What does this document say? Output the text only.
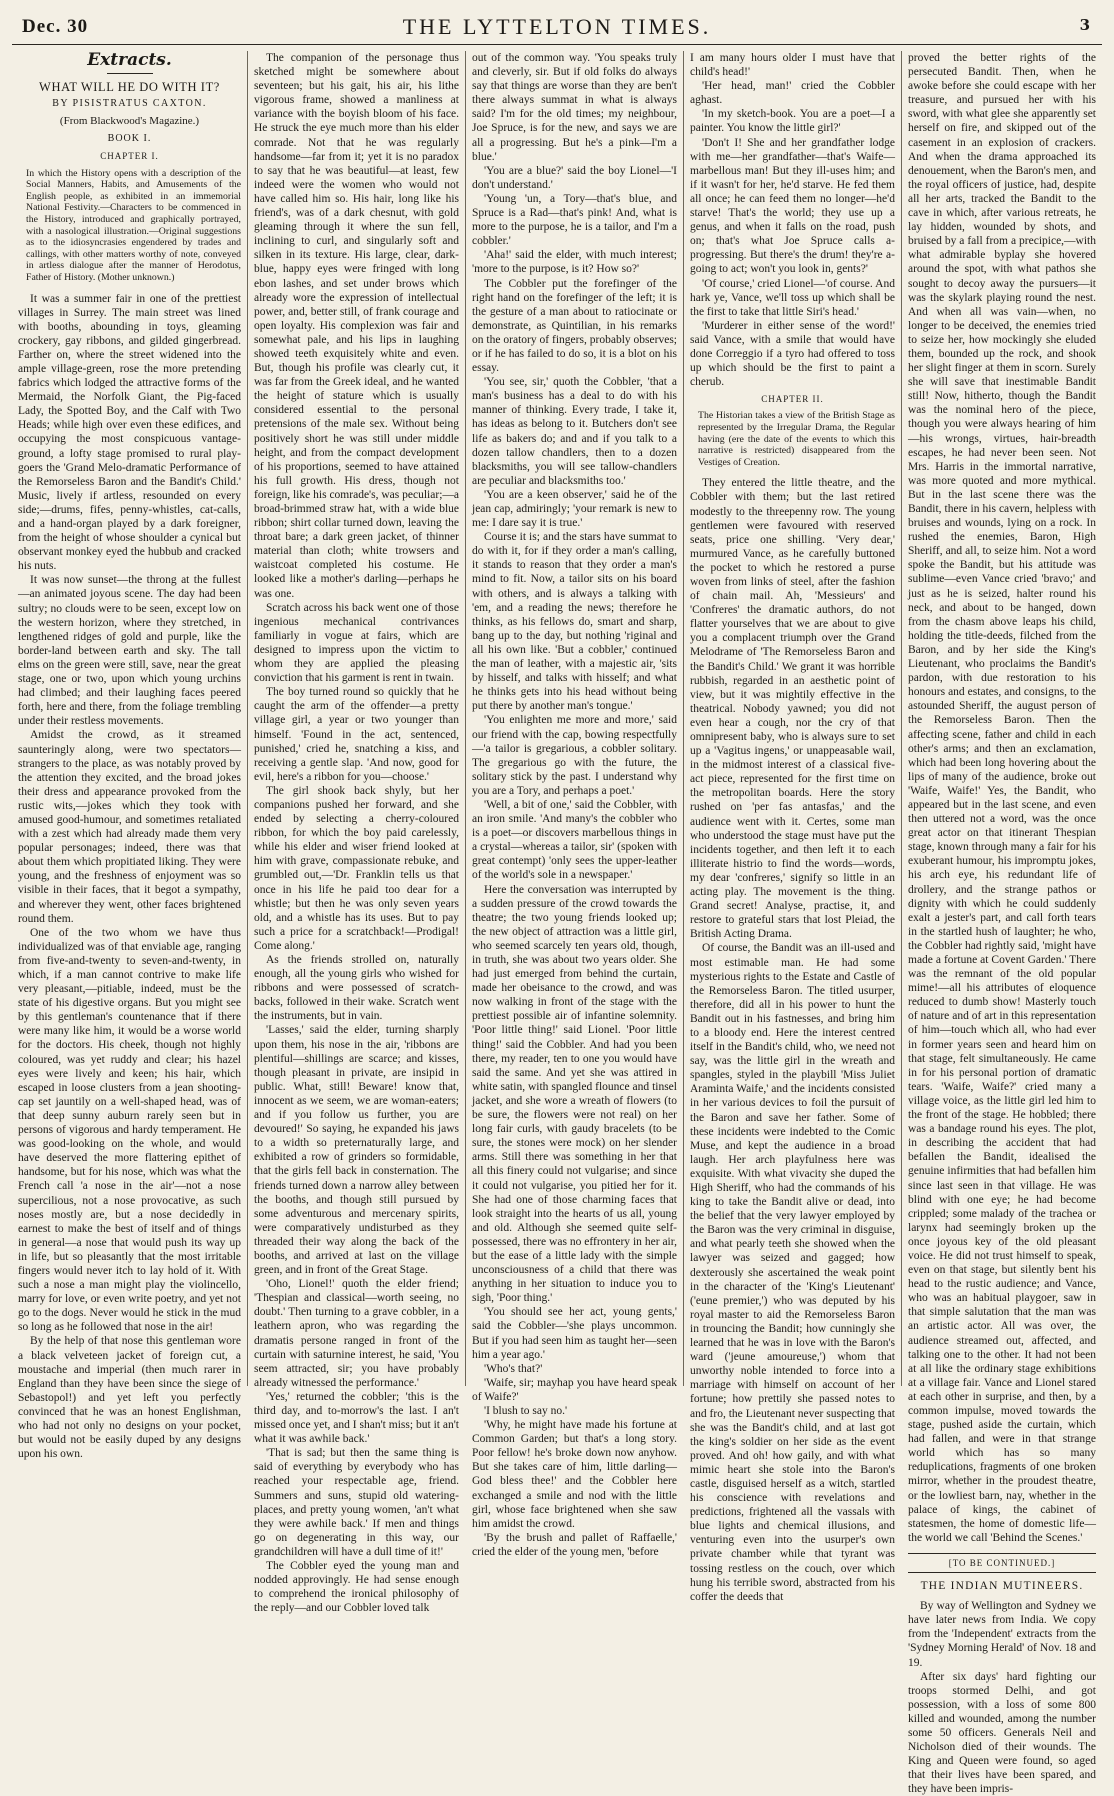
Dec. 30	THE LYTTELTON TIMES.	3
Extracts.
WHAT WILL HE DO WITH IT?
BY PISISTRATUS CAXTON.
(From Blackwood's Magazine.)
BOOK I.
CHAPTER I.

In which the History opens with a description of the Social Manners, Habits, and Amusements of the English people, as exhibited in an immemorial National Festivity.—Characters to be commenced in the History, introduced and graphically portrayed, with a nasological illustration.—Original suggestions as to the idiosyncrasies engendered by trades and callings, with other matters worthy of note, conveyed in artless dialogue after the manner of Herodotus, Father of History. (Mother unknown.)

It was a summer fair in one of the prettiest villages in Surrey. The main street was lined with booths, abounding in toys, gleaming crockery, gay ribbons, and gilded gingerbread. Farther on, where the street widened into the ample village-green, rose the more pretending fabrics which lodged the attractive forms of the Mermaid, the Norfolk Giant, the Pig-faced Lady, the Spotted Boy, and the Calf with Two Heads; while high over even these edifices, and occupying the most conspicuous vantage-ground, a lofty stage promised to rural play-goers the 'Grand Melo-dramatic Performance of the Remorseless Baron and the Bandit's Child.' Music, lively if artless, resounded on every side;—drums, fifes, penny-whistles, cat-calls, and a hand-organ played by a dark foreigner, from the height of whose shoulder a cynical but observant monkey eyed the hubbub and cracked his nuts.

It was now sunset—the throng at the fullest—an animated joyous scene. The day had been sultry; no clouds were to be seen, except low on the western horizon, where they stretched, in lengthened ridges of gold and purple, like the border-land between earth and sky. The tall elms on the green were still, save, near the great stage, one or two, upon which young urchins had climbed; and their laughing faces peered forth, here and there, from the foliage trembling under their restless movements.

Amidst the crowd, as it streamed saunteringly along, were two spectators—strangers to the place, as was notably proved by the attention they excited, and the broad jokes their dress and appearance provoked from the rustic wits,—jokes which they took with amused good-humour, and sometimes retaliated with a zest which had already made them very popular personages; indeed, there was that about them which propitiated liking. They were young, and the freshness of enjoyment was so visible in their faces, that it begot a sympathy, and wherever they went, other faces brightened round them.

One of the two whom we have thus individualized was of that enviable age, ranging from five-and-twenty to seven-and-twenty, in which, if a man cannot contrive to make life very pleasant,—pitiable, indeed, must be the state of his digestive organs. But you might see by this gentleman's countenance that if there were many like him, it would be a worse world for the doctors. His cheek, though not highly coloured, was yet ruddy and clear; his hazel eyes were lively and keen; his hair, which escaped in loose clusters from a jean shooting-cap set jauntily on a well-shaped head, was of that deep sunny auburn rarely seen but in persons of vigorous and hardy temperament. He was good-looking on the whole, and would have deserved the more flattering epithet of handsome, but for his nose, which was what the French call 'a nose in the air'—not a nose supercilious, not a nose provocative, as such noses mostly are, but a nose decidedly in earnest to make the best of itself and of things in general—a nose that would push its way up in life, but so pleasantly that the most irritable fingers would never itch to lay hold of it. With such a nose a man might play the violincello, marry for love, or even write poetry, and yet not go to the dogs. Never would he stick in the mud so long as he followed that nose in the air!

By the help of that nose this gentleman wore a black velveteen jacket of foreign cut, a moustache and imperial (then much rarer in England than they have been since the siege of Sebastopol!) and yet left you perfectly convinced that he was an honest Englishman, who had not only no designs on your pocket, but would not be easily duped by any designs upon his own.

The companion of the personage thus sketched might be somewhere about seventeen; but his gait, his air, his lithe vigorous frame, showed a manliness at variance with the boyish bloom of his face. He struck the eye much more than his elder comrade. Not that he was regularly handsome—far from it; yet it is no paradox to say that he was beautiful—at least, few indeed were the women who would not have called him so. His hair, long like his friend's, was of a dark chesnut, with gold gleaming through it where the sun fell, inclining to curl, and singularly soft and silken in its texture. His large, clear, dark-blue, happy eyes were fringed with long ebon lashes, and set under brows which already wore the expression of intellectual power, and, better still, of frank courage and open loyalty. His complexion was fair and somewhat pale, and his lips in laughing showed teeth exquisitely white and even. But, though his profile was clearly cut, it was far from the Greek ideal, and he wanted the height of stature which is usually considered essential to the personal pretensions of the male sex. Without being positively short he was still under middle height, and from the compact development of his proportions, seemed to have attained his full growth. His dress, though not foreign, like his comrade's, was peculiar;—a broad-brimmed straw hat, with a wide blue ribbon; shirt collar turned down, leaving the throat bare; a dark green jacket, of thinner material than cloth; white trowsers and waistcoat completed his costume. He looked like a mother's darling—perhaps he was one.

Scratch across his back went one of those ingenious mechanical contrivances familiarly in vogue at fairs, which are designed to impress upon the victim to whom they are applied the pleasing conviction that his garment is rent in twain.

The boy turned round so quickly that he caught the arm of the offender—a pretty village girl, a year or two younger than himself. 'Found in the act, sentenced, punished,' cried he, snatching a kiss, and receiving a gentle slap. 'And now, good for evil, here's a ribbon for you—choose.'

The girl shook back shyly, but her companions pushed her forward, and she ended by selecting a cherry-coloured ribbon, for which the boy paid carelessly, while his elder and wiser friend looked at him with grave, compassionate rebuke, and grumbled out,—'Dr. Franklin tells us that once in his life he paid too dear for a whistle; but then he was only seven years old, and a whistle has its uses. But to pay such a price for a scratchback!—Prodigal! Come along.'

As the friends strolled on, naturally enough, all the young girls who wished for ribbons and were possessed of scratch-backs, followed in their wake. Scratch went the instruments, but in vain.

'Lasses,' said the elder, turning sharply upon them, his nose in the air, 'ribbons are plentiful—shillings are scarce; and kisses, though pleasant in private, are insipid in public. What, still! Beware! know that, innocent as we seem, we are woman-eaters; and if you follow us further, you are devoured!' So saying, he expanded his jaws to a width so preternaturally large, and exhibited a row of grinders so formidable, that the girls fell back in consternation. The friends turned down a narrow alley between the booths, and though still pursued by some adventurous and mercenary spirits, were comparatively undisturbed as they threaded their way along the back of the booths, and arrived at last on the village green, and in front of the Great Stage.

'Oho, Lionel!' quoth the elder friend; 'Thespian and classical—worth seeing, no doubt.' Then turning to a grave cobbler, in a leathern apron, who was regarding the dramatis persone ranged in front of the curtain with saturnine interest, he said, 'You seem attracted, sir; you have probably already witnessed the performance.'

'Yes,' returned the cobbler; 'this is the third day, and to-morrow's the last. I an't missed once yet, and I shan't miss; but it an't what it was awhile back.'

'That is sad; but then the same thing is said of everything by everybody who has reached your respectable age, friend. Summers and suns, stupid old watering-places, and pretty young women, 'an't what they were awhile back.' If men and things go on degenerating in this way, our grandchildren will have a dull time of it!'

The Cobbler eyed the young man and nodded approvingly. He had sense enough to comprehend the ironical philosophy of the reply—and our Cobbler loved talk

out of the common way. 'You speaks truly and cleverly, sir. But if old folks do always say that things are worse than they are ben't there always summat in what is always said? I'm for the old times; my neighbour, Joe Spruce, is for the new, and says we are all a progressing. But he's a pink—I'm a blue.'

'You are a blue?' said the boy Lionel—'I don't understand.'

'Young 'un, a Tory—that's blue, and Spruce is a Rad—that's pink! And, what is more to the purpose, he is a tailor, and I'm a cobbler.'

'Aha!' said the elder, with much interest; 'more to the purpose, is it? How so?'

The Cobbler put the forefinger of the right hand on the forefinger of the left; it is the gesture of a man about to ratiocinate or demonstrate, as Quintilian, in his remarks on the oratory of fingers, probably observes; or if he has failed to do so, it is a blot on his essay.

'You see, sir,' quoth the Cobbler, 'that a man's business has a deal to do with his manner of thinking. Every trade, I take it, has ideas as belong to it. Butchers don't see life as bakers do; and and if you talk to a dozen tallow chandlers, then to a dozen blacksmiths, you will see tallow-chandlers are peculiar and blacksmiths too.'

'You are a keen observer,' said he of the jean cap, admiringly; 'your remark is new to me: I dare say it is true.'

Course it is; and the stars have summat to do with it, for if they order a man's calling, it stands to reason that they order a man's mind to fit. Now, a tailor sits on his board with others, and is always a talking with 'em, and a reading the news; therefore he thinks, as his fellows do, smart and sharp, bang up to the day, but nothing 'riginal and all his own like. 'But a cobbler,' continued the man of leather, with a majestic air, 'sits by hisself, and talks with hisself; and what he thinks gets into his head without being put there by another man's tongue.'

'You enlighten me more and more,' said our friend with the cap, bowing respectfully—'a tailor is gregarious, a cobbler solitary. The gregarious go with the future, the solitary stick by the past. I understand why you are a Tory, and perhaps a poet.'

'Well, a bit of one,' said the Cobbler, with an iron smile. 'And many's the cobbler who is a poet—or discovers marbellous things in a crystal—whereas a tailor, sir' (spoken with great contempt) 'only sees the upper-leather of the world's sole in a newspaper.'

Here the conversation was interrupted by a sudden pressure of the crowd towards the theatre; the two young friends looked up; the new object of attraction was a little girl, who seemed scarcely ten years old, though, in truth, she was about two years older. She had just emerged from behind the curtain, made her obeisance to the crowd, and was now walking in front of the stage with the prettiest possible air of infantine solemnity. 'Poor little thing!' said Lionel. 'Poor little thing!' said the Cobbler. And had you been there, my reader, ten to one you would have said the same. And yet she was attired in white satin, with spangled flounce and tinsel jacket, and she wore a wreath of flowers (to be sure, the flowers were not real) on her long fair curls, with gaudy bracelets (to be sure, the stones were mock) on her slender arms. Still there was something in her that all this finery could not vulgarise; and since it could not vulgarise, you pitied her for it. She had one of those charming faces that look straight into the hearts of us all, young and old. Although she seemed quite self-possessed, there was no effrontery in her air, but the ease of a little lady with the simple unconsciousness of a child that there was anything in her situation to induce you to sigh, 'Poor thing.'

'You should see her act, young gents,' said the Cobbler—'she plays uncommon. But if you had seen him as taught her—seen him a year ago.'

'Who's that?'

'Waife, sir; mayhap you have heard speak of Waife?'

'I blush to say no.'

'Why, he might have made his fortune at Common Garden; but that's a long story. Poor fellow! he's broke down now anyhow. But she takes care of him, little darling—God bless thee!' and the Cobbler here exchanged a smile and nod with the little girl, whose face brightened when she saw him amidst the crowd.

'By the brush and pallet of Raffaelle,' cried the elder of the young men, 'before

I am many hours older I must have that child's head!'

'Her head, man!' cried the Cobbler aghast.

'In my sketch-book. You are a poet—I a painter. You know the little girl?'

'Don't I! She and her grandfather lodge with me—her grandfather—that's Waife—marbellous man! But they ill-uses him; and if it wasn't for her, he'd starve. He fed them all once; he can feed them no longer—he'd starve! That's the world; they use up a genus, and when it falls on the road, push on; that's what Joe Spruce calls a-progressing. But there's the drum! they're a-going to act; won't you look in, gents?'

'Of course,' cried Lionel—'of course. And hark ye, Vance, we'll toss up which shall be the first to take that little Siri's head.'

'Murderer in either sense of the word!' said Vance, with a smile that would have done Correggio if a tyro had offered to toss up which should be the first to paint a cherub.

CHAPTER II.

The Historian takes a view of the British Stage as represented by the Irregular Drama, the Regular having (ere the date of the events to which this narrative is restricted) disappeared from the Vestiges of Creation.

They entered the little theatre, and the Cobbler with them; but the last retired modestly to the threepenny row. The young gentlemen were favoured with reserved seats, price one shilling. 'Very dear,' murmured Vance, as he carefully buttoned the pocket to which he restored a purse woven from links of steel, after the fashion of chain mail. Ah, 'Messieurs' and 'Confreres' the dramatic authors, do not flatter yourselves that we are about to give you a complacent triumph over the Grand Melodrame of 'The Remorseless Baron and the Bandit's Child.' We grant it was horrible rubbish, regarded in an aesthetic point of view, but it was mightily effective in the theatrical. Nobody yawned; you did not even hear a cough, nor the cry of that omnipresent baby, who is always sure to set up a 'Vagitus ingens,' or unappeasable wail, in the midmost interest of a classical five-act piece, represented for the first time on the metropolitan boards. Here the story rushed on 'per fas antasfas,' and the audience went with it. Certes, some man who understood the stage must have put the incidents together, and then left it to each illiterate histrio to find the words—words, my dear 'confreres,' signify so little in an acting play. The movement is the thing. Grand secret! Analyse, practise, it, and restore to grateful stars that lost Pleiad, the British Acting Drama.

Of course, the Bandit was an ill-used and most estimable man. He had some mysterious rights to the Estate and Castle of the Remorseless Baron. The titled usurper, therefore, did all in his power to hunt the Bandit out in his fastnesses, and bring him to a bloody end. Here the interest centred itself in the Bandit's child, who, we need not say, was the little girl in the wreath and spangles, styled in the playbill 'Miss Juliet Araminta Waife,' and the incidents consisted in her various devices to foil the pursuit of the Baron and save her father. Some of these incidents were indebted to the Comic Muse, and kept the audience in a broad laugh. Her arch playfulness here was exquisite. With what vivacity she duped the High Sheriff, who had the commands of his king to take the Bandit alive or dead, into the belief that the very lawyer employed by the Baron was the very criminal in disguise, and what pearly teeth she showed when the lawyer was seized and gagged; how dexterously she ascertained the weak point in the character of the 'King's Lieutenant' ('eune premier,') who was deputed by his royal master to aid the Remorseless Baron in trouncing the Bandit; how cunningly she learned that he was in love with the Baron's ward ('jeune amoureuse,') whom that unworthy noble intended to force into a marriage with himself on account of her fortune; how prettily she passed notes to and fro, the Lieutenant never suspecting that she was the Bandit's child, and at last got the king's soldier on her side as the event proved. And oh! how gaily, and with what mimic heart she stole into the Baron's castle, disguised herself as a witch, startled his conscience with revelations and predictions, frightened all the vassals with blue lights and chemical illusions, and venturing even into the usurper's own private chamber while that tyrant was tossing restless on the couch, over which hung his terrible sword, abstracted from his coffer the deeds that

proved the better rights of the persecuted Bandit. Then, when he awoke before she could escape with her treasure, and pursued her with his sword, with what glee she apparently set herself on fire, and skipped out of the casement in an explosion of crackers. And when the drama approached its denouement, when the Baron's men, and the royal officers of justice, had, despite all her arts, tracked the Bandit to the cave in which, after various retreats, he lay hidden, wounded by shots, and bruised by a fall from a precipice,—with what admirable byplay she hovered around the spot, with what pathos she sought to decoy away the pursuers—it was the skylark playing round the nest. And when all was vain—when, no longer to be deceived, the enemies tried to seize her, how mockingly she eluded them, bounded up the rock, and shook her slight finger at them in scorn. Surely she will save that inestimable Bandit still! Now, hitherto, though the Bandit was the nominal hero of the piece, though you were always hearing of him—his wrongs, virtues, hair-breadth escapes, he had never been seen. Not Mrs. Harris in the immortal narrative, was more quoted and more mythical. But in the last scene there was the Bandit, there in his cavern, helpless with bruises and wounds, lying on a rock. In rushed the enemies, Baron, High Sheriff, and all, to seize him. Not a word spoke the Bandit, but his attitude was sublime—even Vance cried 'bravo;' and just as he is seized, halter round his neck, and about to be hanged, down from the chasm above leaps his child, holding the title-deeds, filched from the Baron, and by her side the King's Lieutenant, who proclaims the Bandit's pardon, with due restoration to his honours and estates, and consigns, to the astounded Sheriff, the august person of the Remorseless Baron. Then the affecting scene, father and child in each other's arms; and then an exclamation, which had been long hovering about the lips of many of the audience, broke out 'Waife, Waife!' Yes, the Bandit, who appeared but in the last scene, and even then uttered not a word, was the once great actor on that itinerant Thespian stage, known through many a fair for his exuberant humour, his impromptu jokes, his arch eye, his redundant life of drollery, and the strange pathos or dignity with which he could suddenly exalt a jester's part, and call forth tears in the startled hush of laughter; he who, the Cobbler had rightly said, 'might have made a fortune at Covent Garden.' There was the remnant of the old popular mime!—all his attributes of eloquence reduced to dumb show! Masterly touch of nature and of art in this representation of him—touch which all, who had ever in former years seen and heard him on that stage, felt simultaneously. He came in for his personal portion of dramatic tears. 'Waife, Waife?' cried many a village voice, as the little girl led him to the front of the stage. He hobbled; there was a bandage round his eyes. The plot, in describing the accident that had befallen the Bandit, idealised the genuine infirmities that had befallen him since last seen in that village. He was blind with one eye; he had become crippled; some malady of the trachea or larynx had seemingly broken up the once joyous key of the old pleasant voice. He did not trust himself to speak, even on that stage, but silently bent his head to the rustic audience; and Vance, who was an habitual playgoer, saw in that simple salutation that the man was an artistic actor. All was over, the audience streamed out, affected, and talking one to the other. It had not been at all like the ordinary stage exhibitions at a village fair. Vance and Lionel stared at each other in surprise, and then, by a common impulse, moved towards the stage, pushed aside the curtain, which had fallen, and were in that strange world which has so many reduplications, fragments of one broken mirror, whether in the proudest theatre, or the lowliest barn, nay, whether in the palace of kings, the cabinet of statesmen, the home of domestic life—the world we call 'Behind the Scenes.'

[TO BE CONTINUED.]
THE INDIAN MUTINEERS.

By way of Wellington and Sydney we have later news from India. We copy from the 'Independent' extracts from the 'Sydney Morning Herald' of Nov. 18 and 19.

After six days' hard fighting our troops stormed Delhi, and got possession, with a loss of some 800 killed and wounded, among the number some 50 officers. Generals Neil and Nicholson died of their wounds. The King and Queen were found, so aged that their lives have been spared, and they have been impris-
